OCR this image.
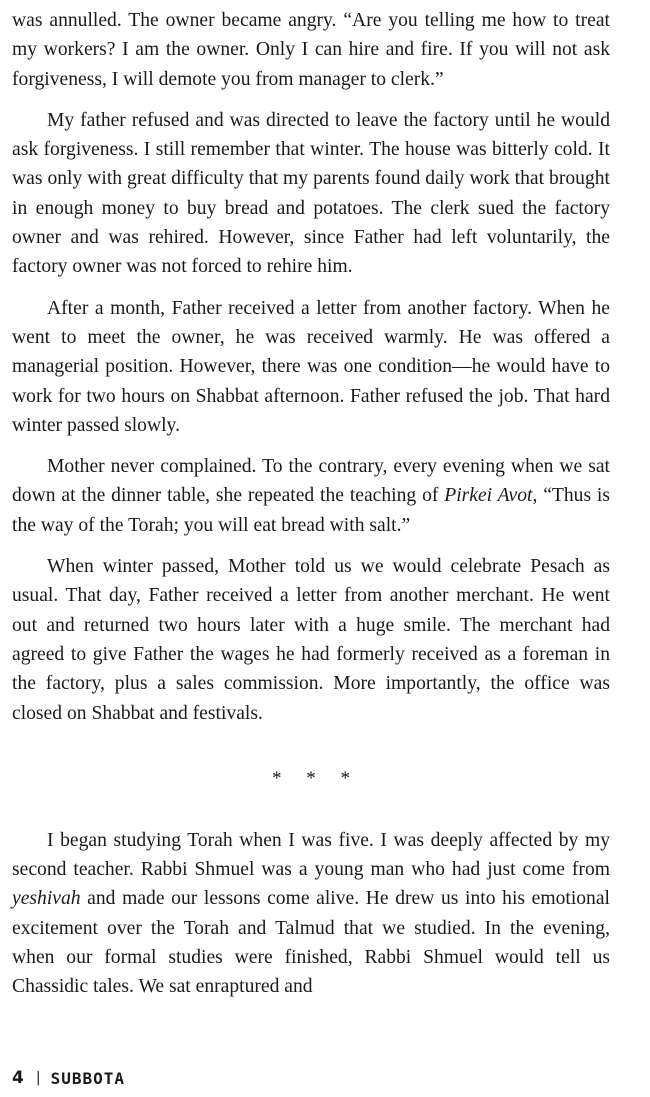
was annulled. The owner became angry. “Are you telling me how to treat my workers? I am the owner. Only I can hire and fire. If you will not ask forgiveness, I will demote you from manager to clerk.”

My father refused and was directed to leave the factory until he would ask forgiveness. I still remember that winter. The house was bitterly cold. It was only with great difficulty that my parents found daily work that brought in enough money to buy bread and potatoes. The clerk sued the factory owner and was rehired. However, since Father had left voluntarily, the factory owner was not forced to rehire him.

After a month, Father received a letter from another factory. When he went to meet the owner, he was received warmly. He was offered a managerial position. However, there was one condition—he would have to work for two hours on Shabbat afternoon. Father refused the job. That hard winter passed slowly.

Mother never complained. To the contrary, every evening when we sat down at the dinner table, she repeated the teaching of Pirkei Avot, “Thus is the way of the Torah; you will eat bread with salt.”

When winter passed, Mother told us we would celebrate Pesach as usual. That day, Father received a letter from another merchant. He went out and returned two hours later with a huge smile. The merchant had agreed to give Father the wages he had formerly received as a foreman in the factory, plus a sales commission. More importantly, the office was closed on Shabbat and festivals.

* * *

I began studying Torah when I was five. I was deeply affected by my second teacher. Rabbi Shmuel was a young man who had just come from yeshivah and made our lessons come alive. He drew us into his emotional excitement over the Torah and Talmud that we studied. In the evening, when our formal studies were finished, Rabbi Shmuel would tell us Chassidic tales. We sat enraptured and

4 | SUBBOTA
